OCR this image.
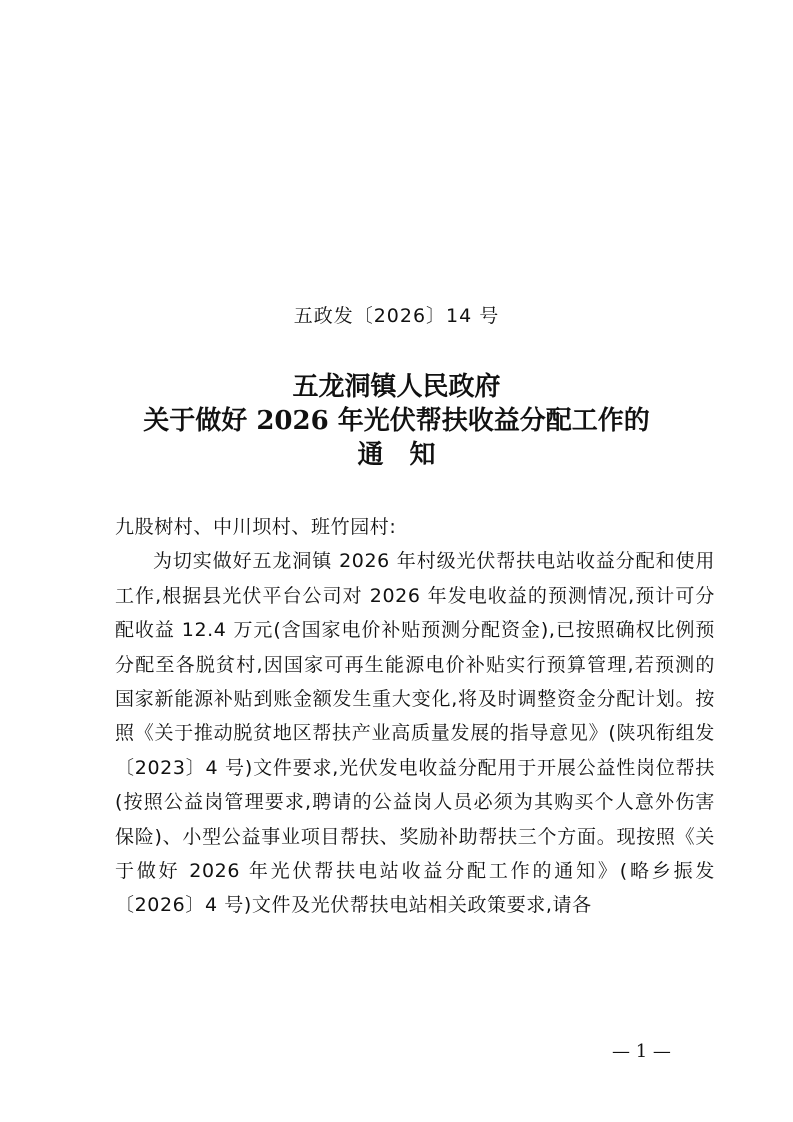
五政发〔2026〕14 号
五龙洞镇人民政府
关于做好 2026 年光伏帮扶收益分配工作的
通　知
九股树村、中川坝村、班竹园村:

为切实做好五龙洞镇 2026 年村级光伏帮扶电站收益分配和使用工作,根据县光伏平台公司对 2026 年发电收益的预测情况,预计可分配收益 12.4 万元(含国家电价补贴预测分配资金),已按照确权比例预分配至各脱贫村,因国家可再生能源电价补贴实行预算管理,若预测的国家新能源补贴到账金额发生重大变化,将及时调整资金分配计划。按照《关于推动脱贫地区帮扶产业高质量发展的指导意见》(陕巩衔组发〔2023〕4 号)文件要求,光伏发电收益分配用于开展公益性岗位帮扶(按照公益岗管理要求,聘请的公益岗人员必须为其购买个人意外伤害保险)、小型公益事业项目帮扶、奖励补助帮扶三个方面。现按照《关于做好 2026 年光伏帮扶电站收益分配工作的通知》(略乡振发〔2026〕4 号)文件及光伏帮扶电站相关政策要求,请各

— 1 —
